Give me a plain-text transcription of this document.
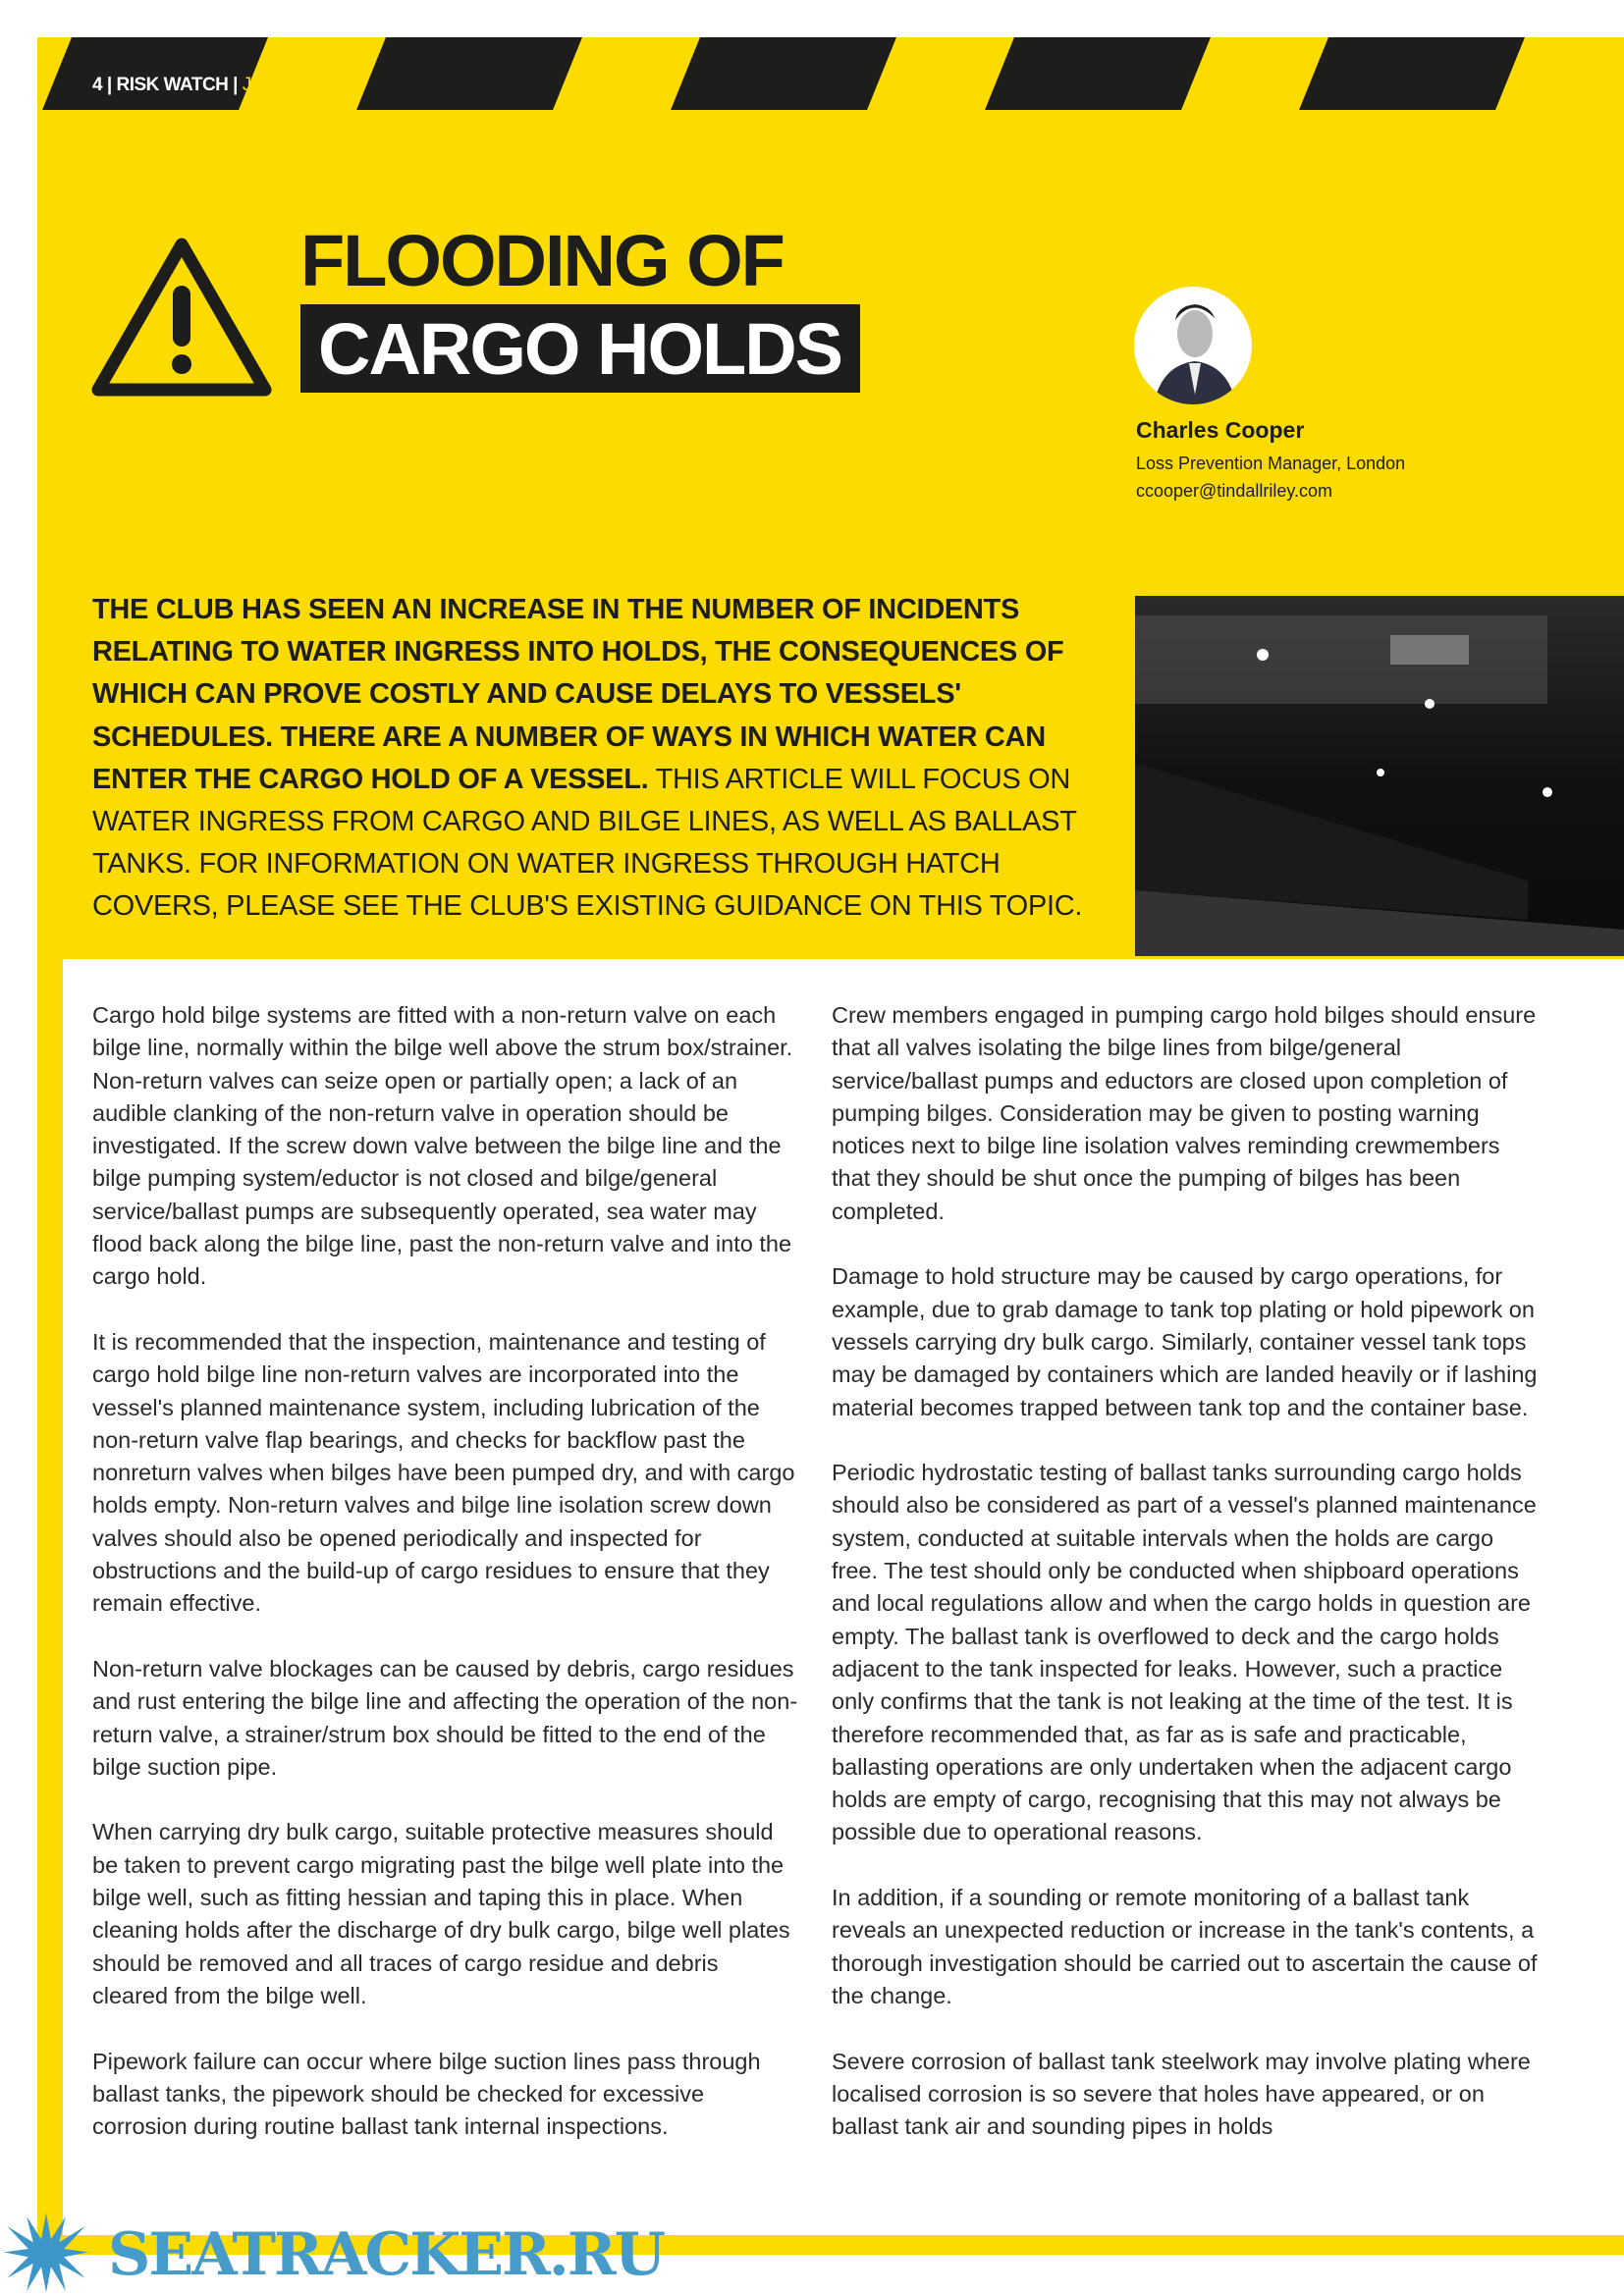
4 | RISK WATCH | JUNE 2023
FLOODING OF
CARGO HOLDS
Charles Cooper
Loss Prevention Manager, London
ccooper@tindallriley.com
THE CLUB HAS SEEN AN INCREASE IN THE NUMBER OF INCIDENTS RELATING TO WATER INGRESS INTO HOLDS, THE CONSEQUENCES OF WHICH CAN PROVE COSTLY AND CAUSE DELAYS TO VESSELS' SCHEDULES. THERE ARE A NUMBER OF WAYS IN WHICH WATER CAN ENTER THE CARGO HOLD OF A VESSEL. THIS ARTICLE WILL FOCUS ON WATER INGRESS FROM CARGO AND BILGE LINES, AS WELL AS BALLAST TANKS. FOR INFORMATION ON WATER INGRESS THROUGH HATCH COVERS, PLEASE SEE THE CLUB'S EXISTING GUIDANCE ON THIS TOPIC.

Cargo hold bilge systems are fitted with a non-return valve on each bilge line, normally within the bilge well above the strum box/strainer. Non-return valves can seize open or partially open; a lack of an audible clanking of the non-return valve in operation should be investigated. If the screw down valve between the bilge line and the bilge pumping system/eductor is not closed and bilge/general service/ballast pumps are subsequently operated, sea water may flood back along the bilge line, past the non-return valve and into the cargo hold.

It is recommended that the inspection, maintenance and testing of cargo hold bilge line non-return valves are incorporated into the vessel's planned maintenance system, including lubrication of the non-return valve flap bearings, and checks for backflow past the nonreturn valves when bilges have been pumped dry, and with cargo holds empty. Non-return valves and bilge line isolation screw down valves should also be opened periodically and inspected for obstructions and the build-up of cargo residues to ensure that they remain effective.

Non-return valve blockages can be caused by debris, cargo residues and rust entering the bilge line and affecting the operation of the non-return valve, a strainer/strum box should be fitted to the end of the bilge suction pipe.

When carrying dry bulk cargo, suitable protective measures should be taken to prevent cargo migrating past the bilge well plate into the bilge well, such as fitting hessian and taping this in place. When cleaning holds after the discharge of dry bulk cargo, bilge well plates should be removed and all traces of cargo residue and debris cleared from the bilge well.

Pipework failure can occur where bilge suction lines pass through ballast tanks, the pipework should be checked for excessive corrosion during routine ballast tank internal inspections.

Crew members engaged in pumping cargo hold bilges should ensure that all valves isolating the bilge lines from bilge/general service/ballast pumps and eductors are closed upon completion of pumping bilges. Consideration may be given to posting warning notices next to bilge line isolation valves reminding crewmembers that they should be shut once the pumping of bilges has been completed.

Damage to hold structure may be caused by cargo operations, for example, due to grab damage to tank top plating or hold pipework on vessels carrying dry bulk cargo. Similarly, container vessel tank tops may be damaged by containers which are landed heavily or if lashing material becomes trapped between tank top and the container base.

Periodic hydrostatic testing of ballast tanks surrounding cargo holds should also be considered as part of a vessel's planned maintenance system, conducted at suitable intervals when the holds are cargo free. The test should only be conducted when shipboard operations and local regulations allow and when the cargo holds in question are empty. The ballast tank is overflowed to deck and the cargo holds adjacent to the tank inspected for leaks. However, such a practice only confirms that the tank is not leaking at the time of the test. It is therefore recommended that, as far as is safe and practicable, ballasting operations are only undertaken when the adjacent cargo holds are empty of cargo, recognising that this may not always be possible due to operational reasons.

In addition, if a sounding or remote monitoring of a ballast tank reveals an unexpected reduction or increase in the tank's contents, a thorough investigation should be carried out to ascertain the cause of the change.

Severe corrosion of ballast tank steelwork may involve plating where localised corrosion is so severe that holes have appeared, or on ballast tank air and sounding pipes in holds

SEATRACKER.RU
